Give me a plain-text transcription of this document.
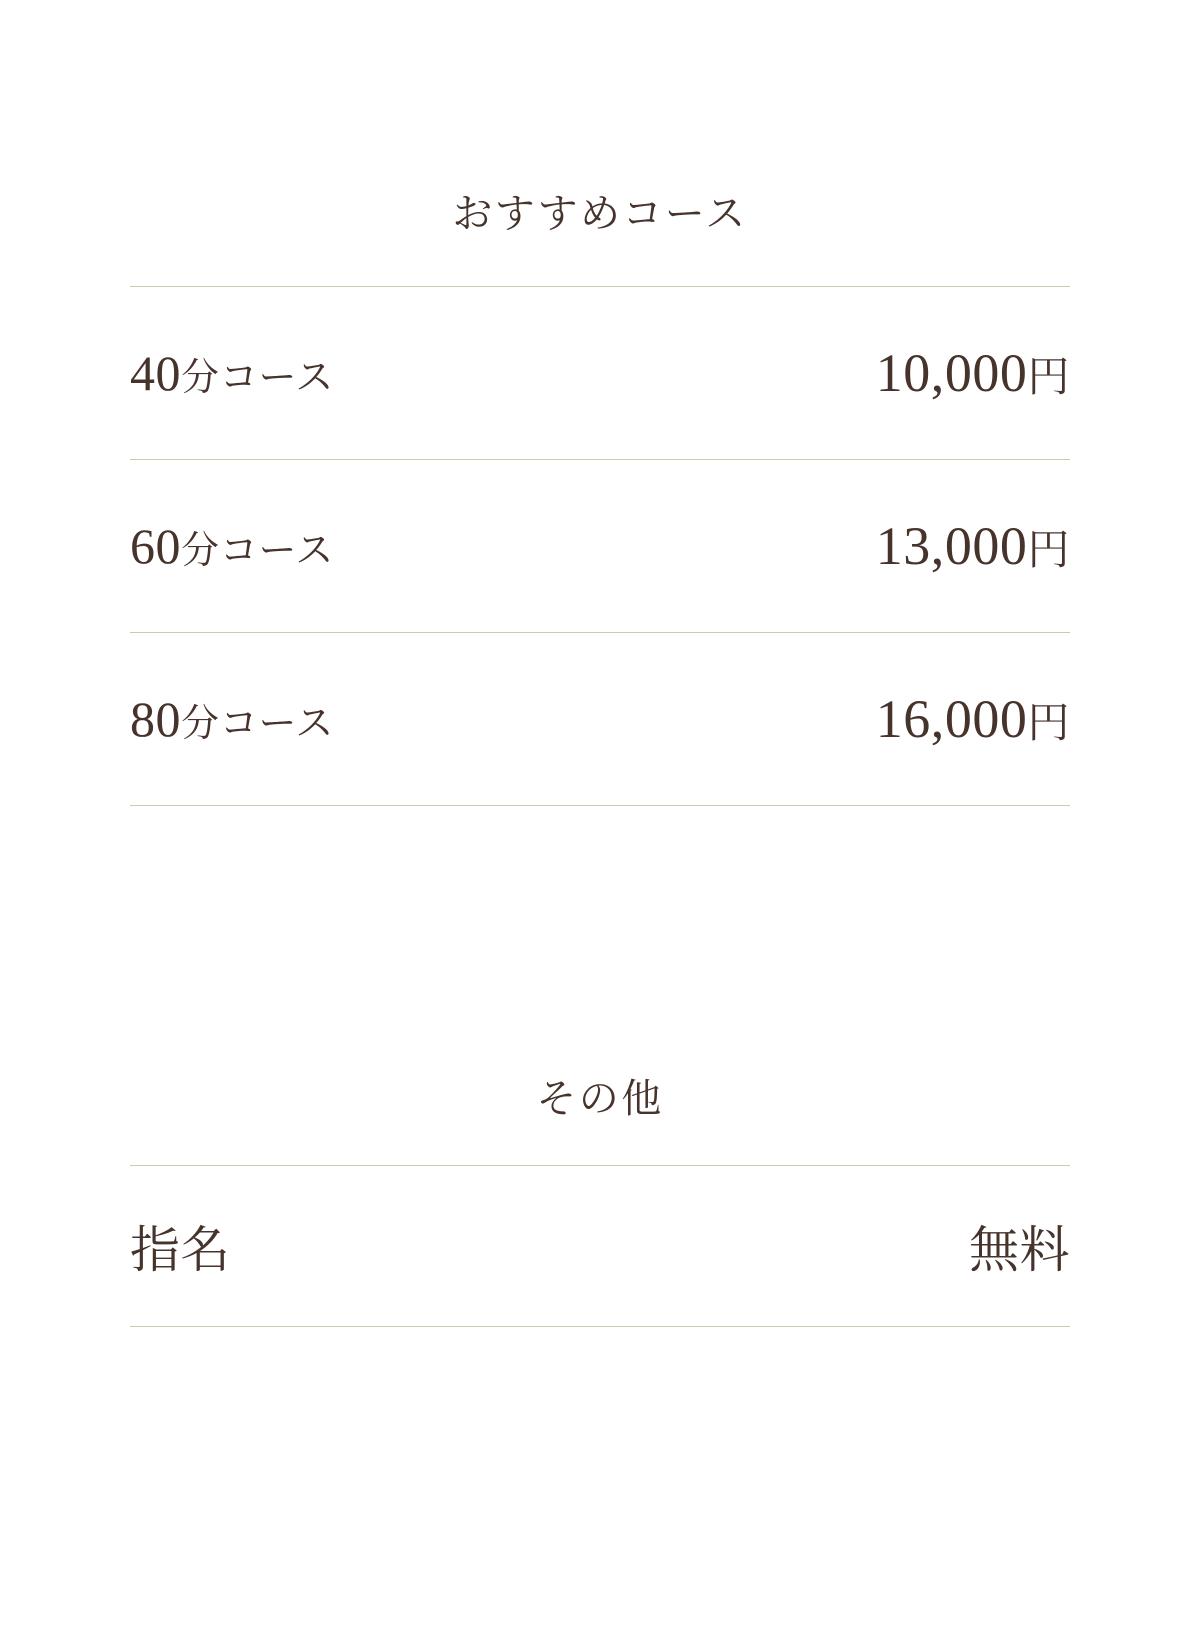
おすすめコース
40分コース	10,000円
60分コース	13,000円
80分コース	16,000円
その他
指名	無料
